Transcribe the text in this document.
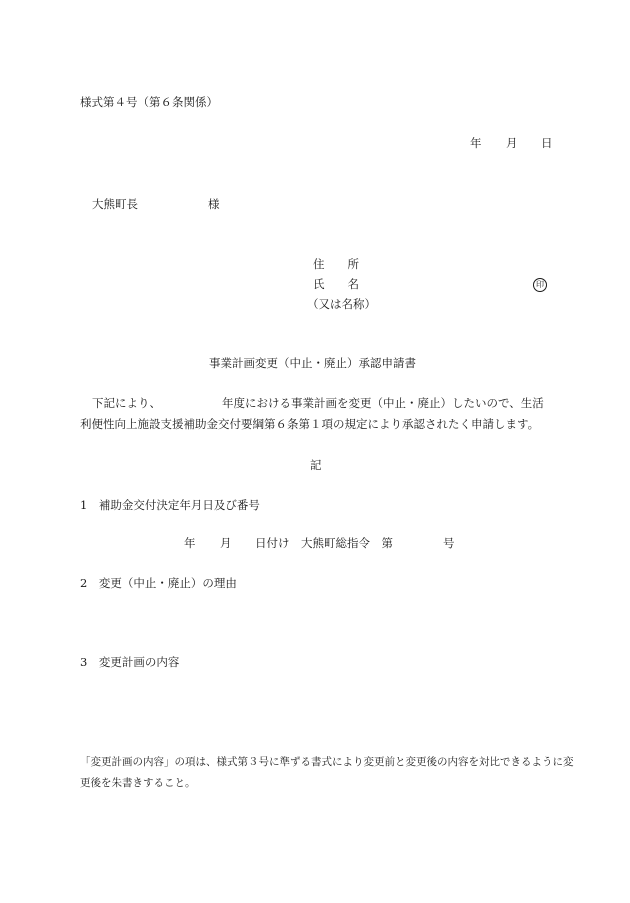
様式第４号（第６条関係）
年 月 日
大熊町長	様
住　　所
氏　　名	印
（又は名称）
事業計画変更（中止・廃止）承認申請書
下記により、	年度における事業計画を変更（中止・廃止）したいので、生活
利便性向上施設支援補助金交付要綱第６条第１項の規定により承認されたく申請します。
記
1　補助金交付決定年月日及び番号
年 月 日付け　大熊町総指令　第	号
2　変更（中止・廃止）の理由
3　変更計画の内容
「変更計画の内容」の項は、様式第３号に準ずる書式により変更前と変更後の内容を対比できるように変
更後を朱書きすること。
